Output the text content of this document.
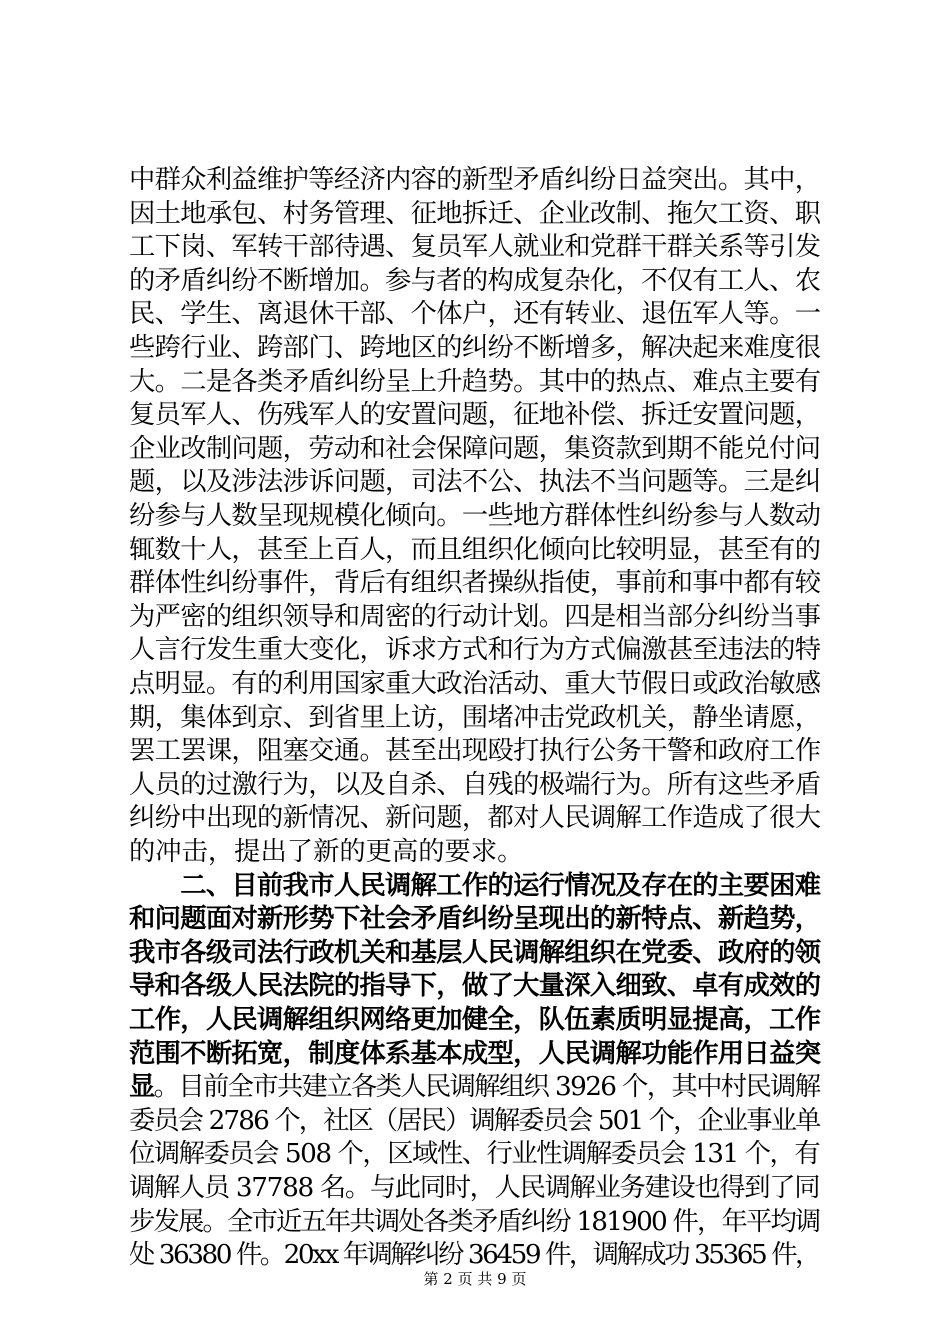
中群众利益维护等经济内容的新型矛盾纠纷日益突出。其中，
因土地承包、村务管理、征地拆迁、企业改制、拖欠工资、职
工下岗、军转干部待遇、复员军人就业和党群干群关系等引发
的矛盾纠纷不断增加。参与者的构成复杂化，不仅有工人、农
民、学生、离退休干部、个体户，还有转业、退伍军人等。一
些跨行业、跨部门、跨地区的纠纷不断增多，解决起来难度很
大。二是各类矛盾纠纷呈上升趋势。其中的热点、难点主要有
复员军人、伤残军人的安置问题，征地补偿、拆迁安置问题，
企业改制问题，劳动和社会保障问题，集资款到期不能兑付问
题，以及涉法涉诉问题，司法不公、执法不当问题等。三是纠
纷参与人数呈现规模化倾向。一些地方群体性纠纷参与人数动
辄数十人，甚至上百人，而且组织化倾向比较明显，甚至有的
群体性纠纷事件，背后有组织者操纵指使，事前和事中都有较
为严密的组织领导和周密的行动计划。四是相当部分纠纷当事
人言行发生重大变化，诉求方式和行为方式偏激甚至违法的特
点明显。有的利用国家重大政治活动、重大节假日或政治敏感
期，集体到京、到省里上访，围堵冲击党政机关，静坐请愿，
罢工罢课，阻塞交通。甚至出现殴打执行公务干警和政府工作
人员的过激行为，以及自杀、自残的极端行为。所有这些矛盾
纠纷中出现的新情况、新问题，都对人民调解工作造成了很大
的冲击，提出了新的更高的要求。
　　二、目前我市人民调解工作的运行情况及存在的主要困难
和问题面对新形势下社会矛盾纠纷呈现出的新特点、新趋势，
我市各级司法行政机关和基层人民调解组织在党委、政府的领
导和各级人民法院的指导下，做了大量深入细致、卓有成效的
工作，人民调解组织网络更加健全，队伍素质明显提高，工作
范围不断拓宽，制度体系基本成型，人民调解功能作用日益突
显。目前全市共建立各类人民调解组织 3926 个，其中村民调解
委员会 2786 个，社区（居民）调解委员会 501 个，企业事业单
位调解委员会 508 个，区域性、行业性调解委员会 131 个，有
调解人员 37788 名。与此同时，人民调解业务建设也得到了同
步发展。全市近五年共调处各类矛盾纠纷 181900 件，年平均调
处 36380 件。20xx 年调解纠纷 36459 件，调解成功 35365 件，
第 2 页 共 9 页
